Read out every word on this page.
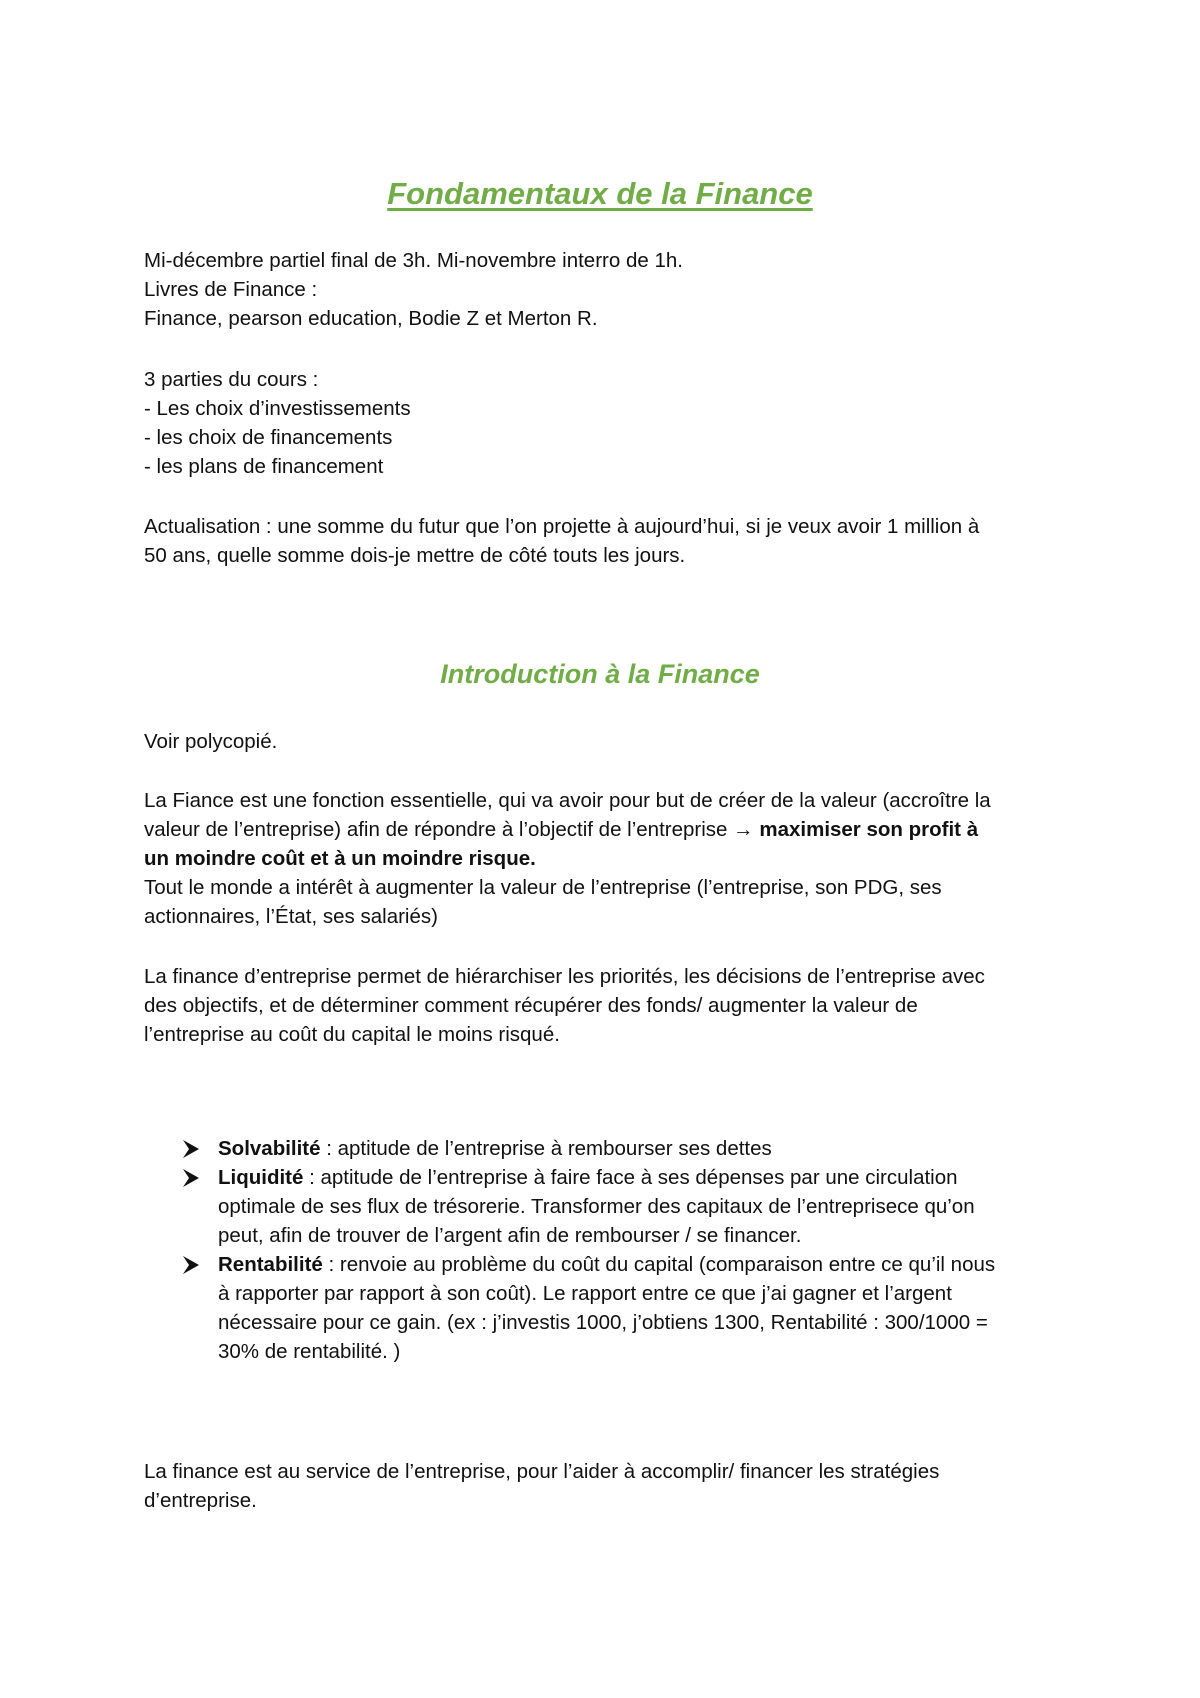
Fondamentaux de la Finance
Mi-décembre partiel final de 3h. Mi-novembre interro de 1h.
Livres de Finance :
Finance, pearson education, Bodie Z et Merton R.
3 parties du cours :
- Les choix d’investissements
- les choix de financements
- les plans de financement
Actualisation : une somme du futur que l’on projette à aujourd’hui, si je veux avoir 1 million à
50 ans, quelle somme dois-je mettre de côté touts les jours.
Introduction à la Finance
Voir polycopié.
La Fiance est une fonction essentielle, qui va avoir pour but de créer de la valeur (accroître la
valeur de l’entreprise) afin de répondre à l’objectif de l’entreprise → maximiser son profit à
un moindre coût et à un moindre risque.
Tout le monde a intérêt à augmenter la valeur de l’entreprise (l’entreprise, son PDG, ses
actionnaires, l’État, ses salariés)
La finance d’entreprise permet de hiérarchiser les priorités, les décisions de l’entreprise avec
des objectifs, et de déterminer comment récupérer des fonds/ augmenter la valeur de
l’entreprise au coût du capital le moins risqué.
Solvabilité : aptitude de l’entreprise à rembourser ses dettes
Liquidité : aptitude de l’entreprise à faire face à ses dépenses par une circulation
optimale de ses flux de trésorerie. Transformer des capitaux de l’entreprisece qu’on
peut, afin de trouver de l’argent afin de rembourser / se financer.
Rentabilité : renvoie au problème du coût du capital (comparaison entre ce qu’il nous
à rapporter par rapport à son coût). Le rapport entre ce que j’ai gagner et l’argent
nécessaire pour ce gain. (ex : j’investis 1000, j’obtiens 1300, Rentabilité : 300/1000 =
30% de rentabilité. )
La finance est au service de l’entreprise, pour l’aider à accomplir/ financer les stratégies
d’entreprise.
